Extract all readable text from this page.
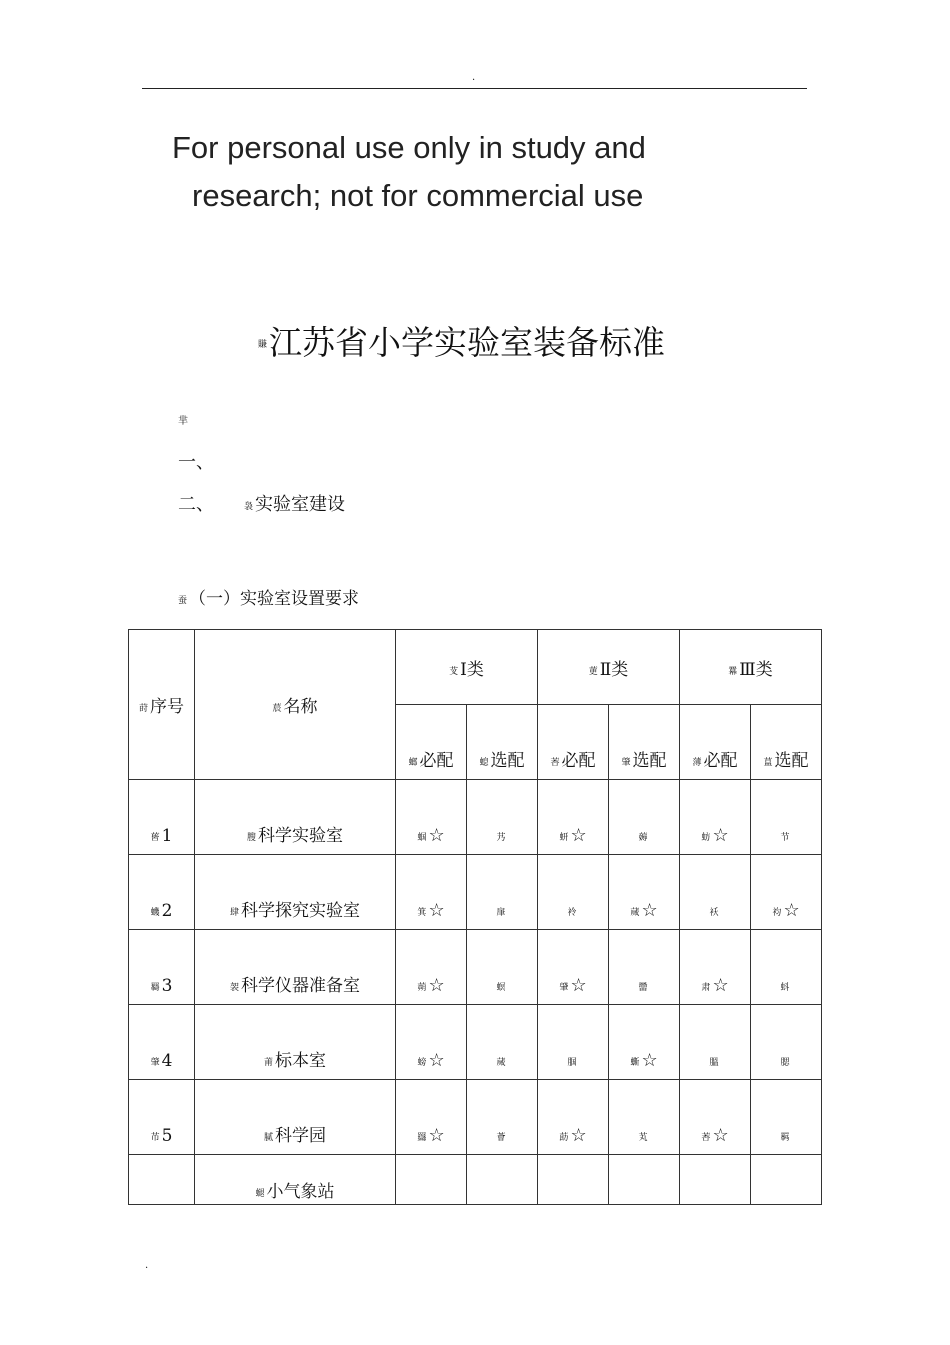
.
For personal use only in study and
research; not for commercial use
賺江苏省小学实验室装备标准
芈
一、
二、	袅 实验室建设
蚕 （一）实验室设置要求
莳 序号	莀 名称	芆 Ⅰ类		莄 Ⅱ类		羃 Ⅲ类	
		螂 必配	螅 选配	莕 必配	肇 选配	薄 必配	蒀 选配
蒈 1	膄 科学实验室	蝈 ☆	艿	蚈 ☆	薅	蚄 ☆	节
蟣 2	肆 科学探究实验室	箕 ☆	肁	袊	蒇 ☆	袄	袀 ☆
羇 3	袈 科学仪器准备室	蒴 ☆	螟	肈 ☆	羀	肃 ☆	蚪
肇 4	莆 标本室	螃 ☆	蒇	腘	蟖 ☆	膃	腮
芇 5	膩 科学园	羉 ☆	薈	莇 ☆	芄	莕 ☆	羁
	螁 小气象站						
.
